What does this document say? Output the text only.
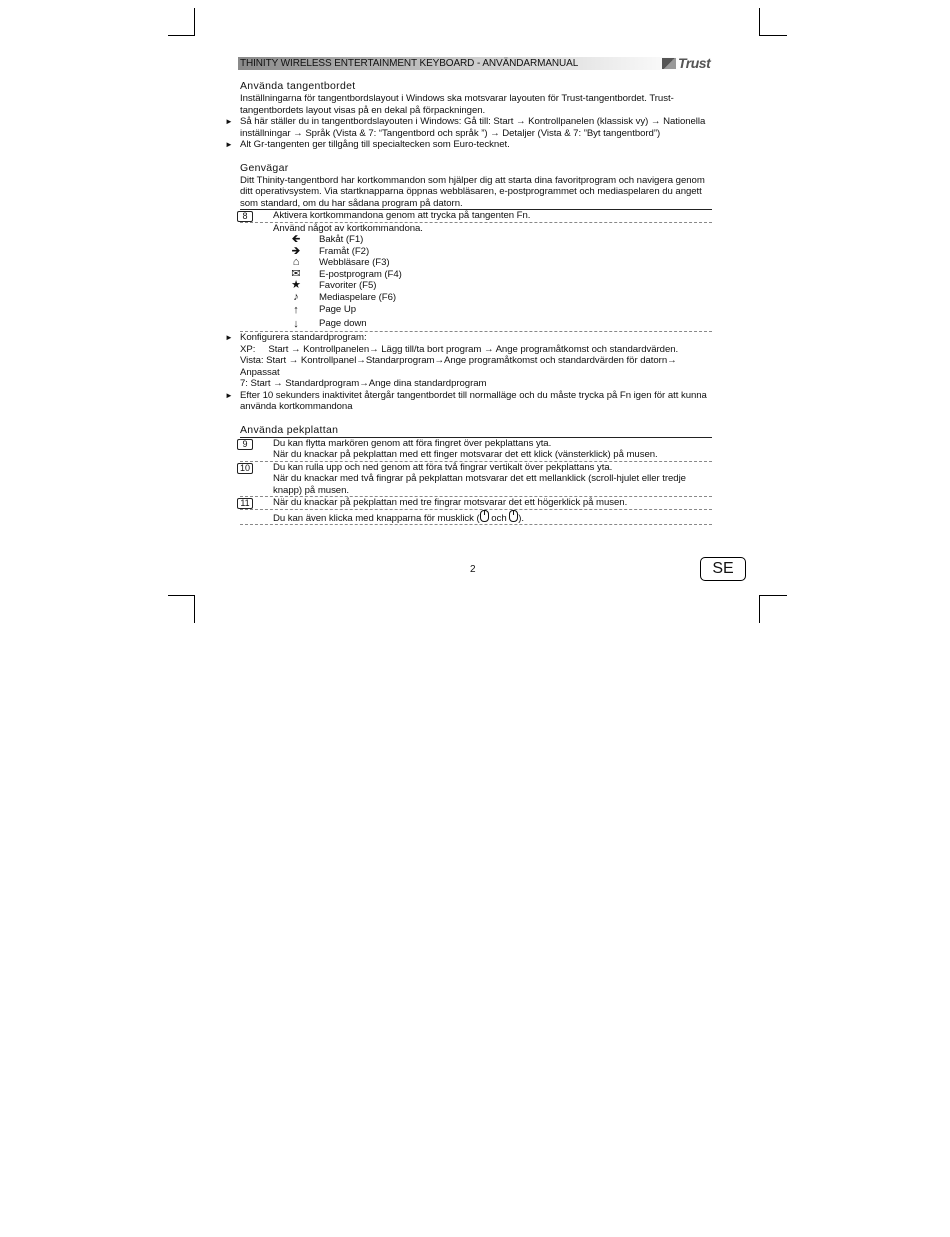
THINITY WIRELESS ENTERTAINMENT KEYBOARD - ANVÄNDARMANUAL	Trust
Använda tangentbordet
Inställningarna för tangentbordslayout i Windows ska motsvarar layouten för Trust-tangentbordet. Trust-tangentbordets layout visas på en dekal på förpackningen.
► Så här ställer du in tangentbordslayouten i Windows: Gå till: Start → Kontrollpanelen (klassisk vy) → Nationella inställningar → Språk (Vista & 7: “Tangentbord och språk ”) → Detaljer (Vista & 7: ”Byt tangentbord”)
► Alt Gr-tangenten ger tillgång till specialtecken som Euro-tecknet.
Genvägar
Ditt Thinity-tangentbord har kortkommandon som hjälper dig att starta dina favoritprogram och navigera genom ditt operativsystem. Via startknapparna öppnas webbläsaren, e-postprogrammet och mediaspelaren du angett som standard, om du har sådana program på datorn.
8	Aktivera kortkommandona genom att trycka på tangenten Fn.
Använd något av kortkommandona.
🡸	Bakåt (F1)
🡺	Framåt (F2)
⌂	Webbläsare (F3)
✉	E-postprogram (F4)
★	Favoriter (F5)
♪	Mediaspelare (F6)
↑	Page Up
↓	Page down
► Konfigurera standardprogram:
XP:     Start → Kontrollpanelen→ Lägg till/ta bort program → Ange programåtkomst och standardvärden.
Vista: Start → Kontrollpanel→Standarprogram→Ange programåtkomst och standardvärden för datorn→ Anpassat
7: Start → Standardprogram→Ange dina standardprogram
► Efter 10 sekunders inaktivitet återgår tangentbordet till normalläge och du måste trycka på Fn igen för att kunna använda kortkommandona
Använda pekplattan
9	Du kan flytta markören genom att föra fingret över pekplattans yta.
När du knackar på pekplattan med ett finger motsvarar det ett klick (vänsterklick) på musen.
10	Du kan rulla upp och ned genom att föra två fingrar vertikalt över pekplattans yta.
När du knackar med två fingrar på pekplattan motsvarar det ett mellanklick (scroll-hjulet eller tredje knapp) på musen.
11	När du knackar på pekplattan med tre fingrar motsvarar det ett högerklick på musen.
Du kan även klicka med knapparna för musklick ( och ).
2	SE
